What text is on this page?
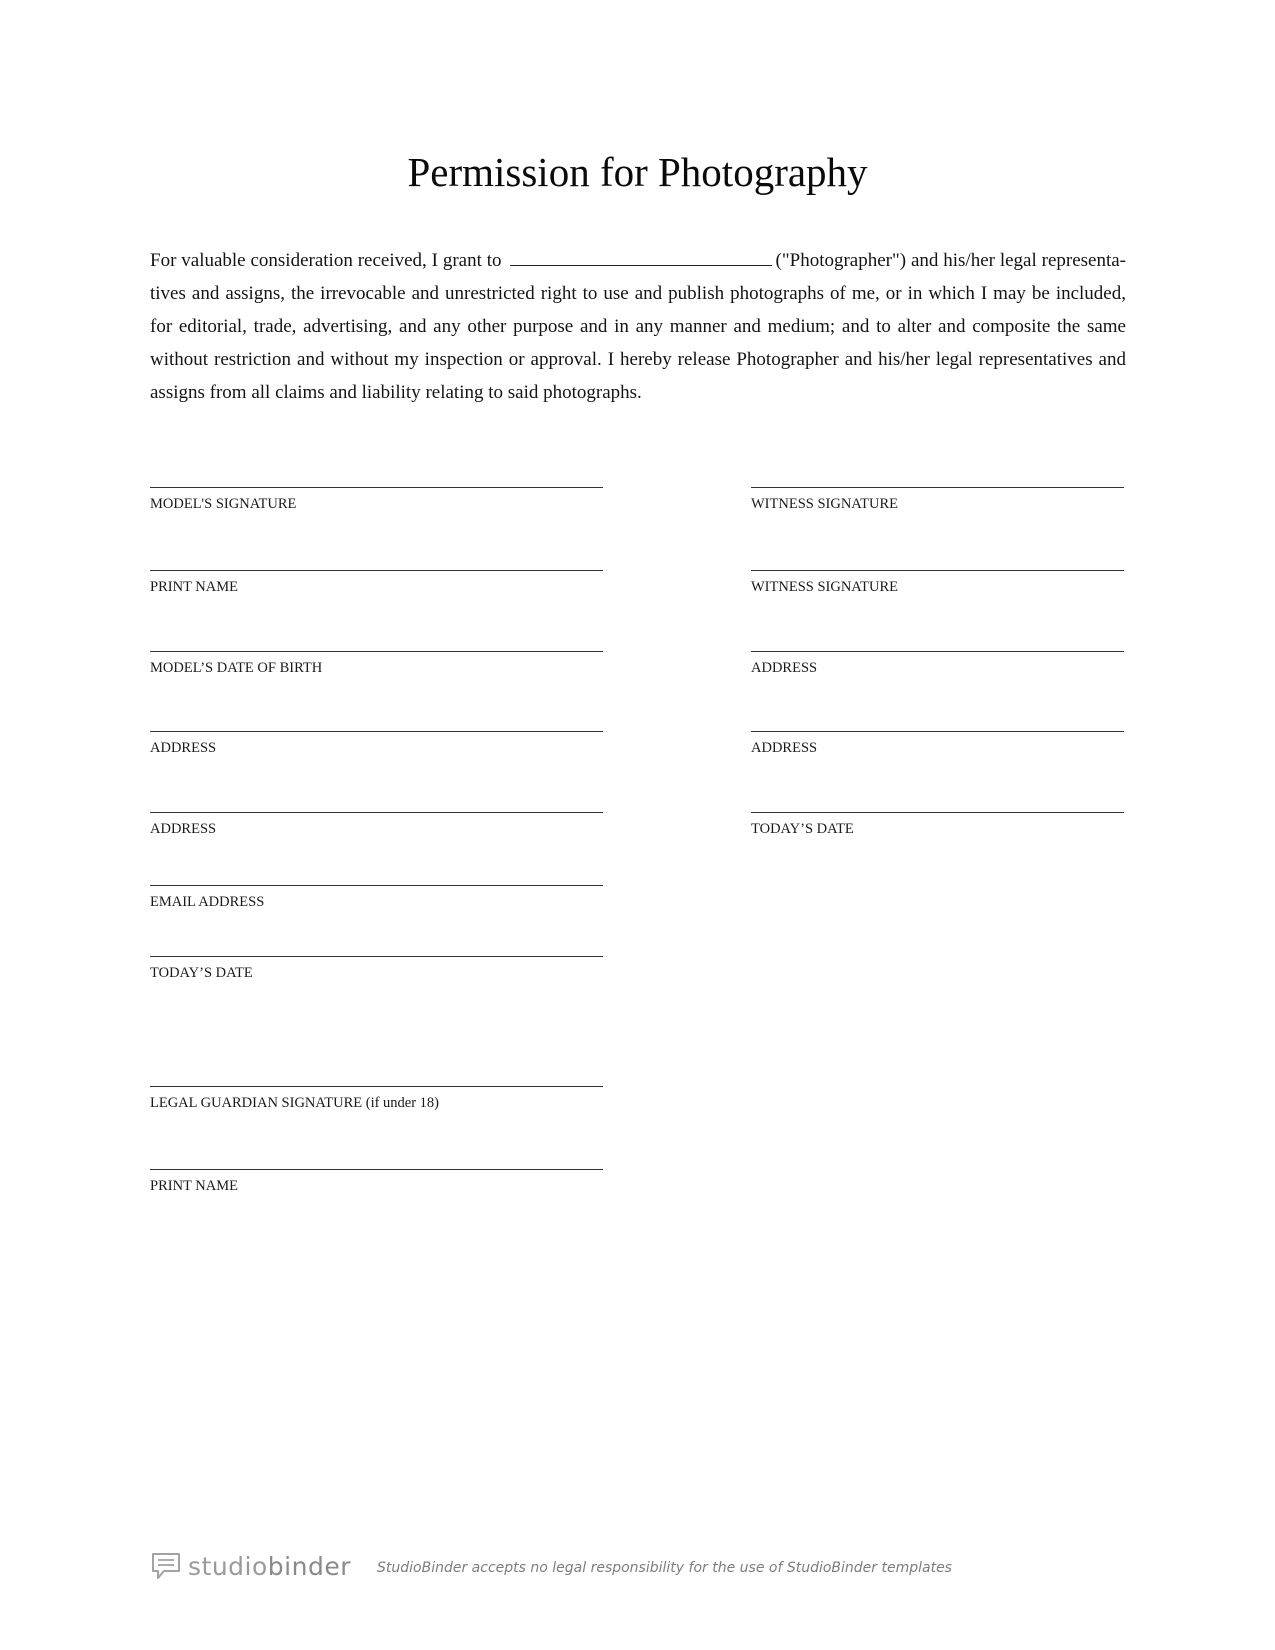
Permission for Photography
For valuable consideration received, I grant to	("Photographer") and his/her legal representa-tives and assigns, the irrevocable and unrestricted right to use and publish photographs of me, or in which I may be included, for editorial, trade, advertising, and any other purpose and in any manner and medium; and to alter and composite the same without restriction and without my inspection or approval. I hereby release Photographer and his/her legal representatives and assigns from all claims and liability relating to said photographs.
MODEL'S SIGNATURE
PRINT NAME
MODEL’S DATE OF BIRTH
ADDRESS
ADDRESS
EMAIL ADDRESS
TODAY’S DATE
LEGAL GUARDIAN SIGNATURE (if under 18)
PRINT NAME
WITNESS SIGNATURE
WITNESS SIGNATURE
ADDRESS
ADDRESS
TODAY’S DATE
studiobinder StudioBinder accepts no legal responsibility for the use of StudioBinder templates
